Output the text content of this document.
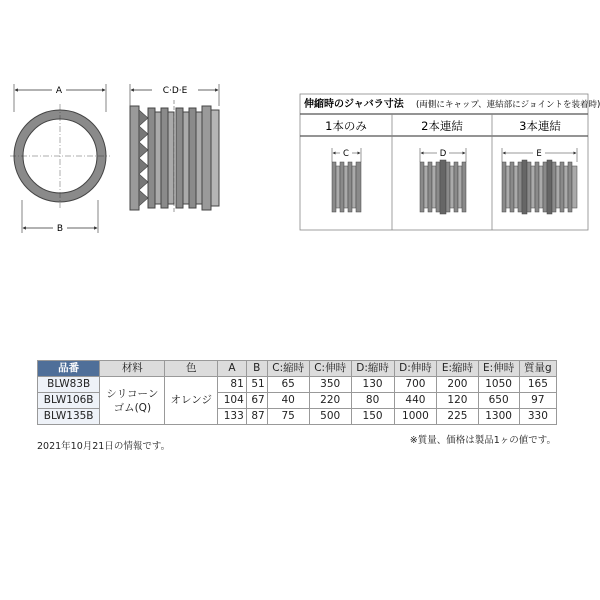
A
B
C·D·E
伸縮時のジャバラ寸法 (両側にキャップ、連結部にジョイントを装着時)
1本のみ	2本連結	3本連結
C	D	E
品番	材料	色	A	B	C:縮時	C:伸時	D:縮時	D:伸時	E:縮時	E:伸時	質量g
BLW83B	シリコーンゴム(Q)	オレンジ	81	51	65	350	130	700	200	1050	165
BLW106B			104	67	40	220	80	440	120	650	97
BLW135B			133	87	75	500	150	1000	225	1300	330
※質量、価格は製品1ヶの値です。
2021年10月21日の情報です。
